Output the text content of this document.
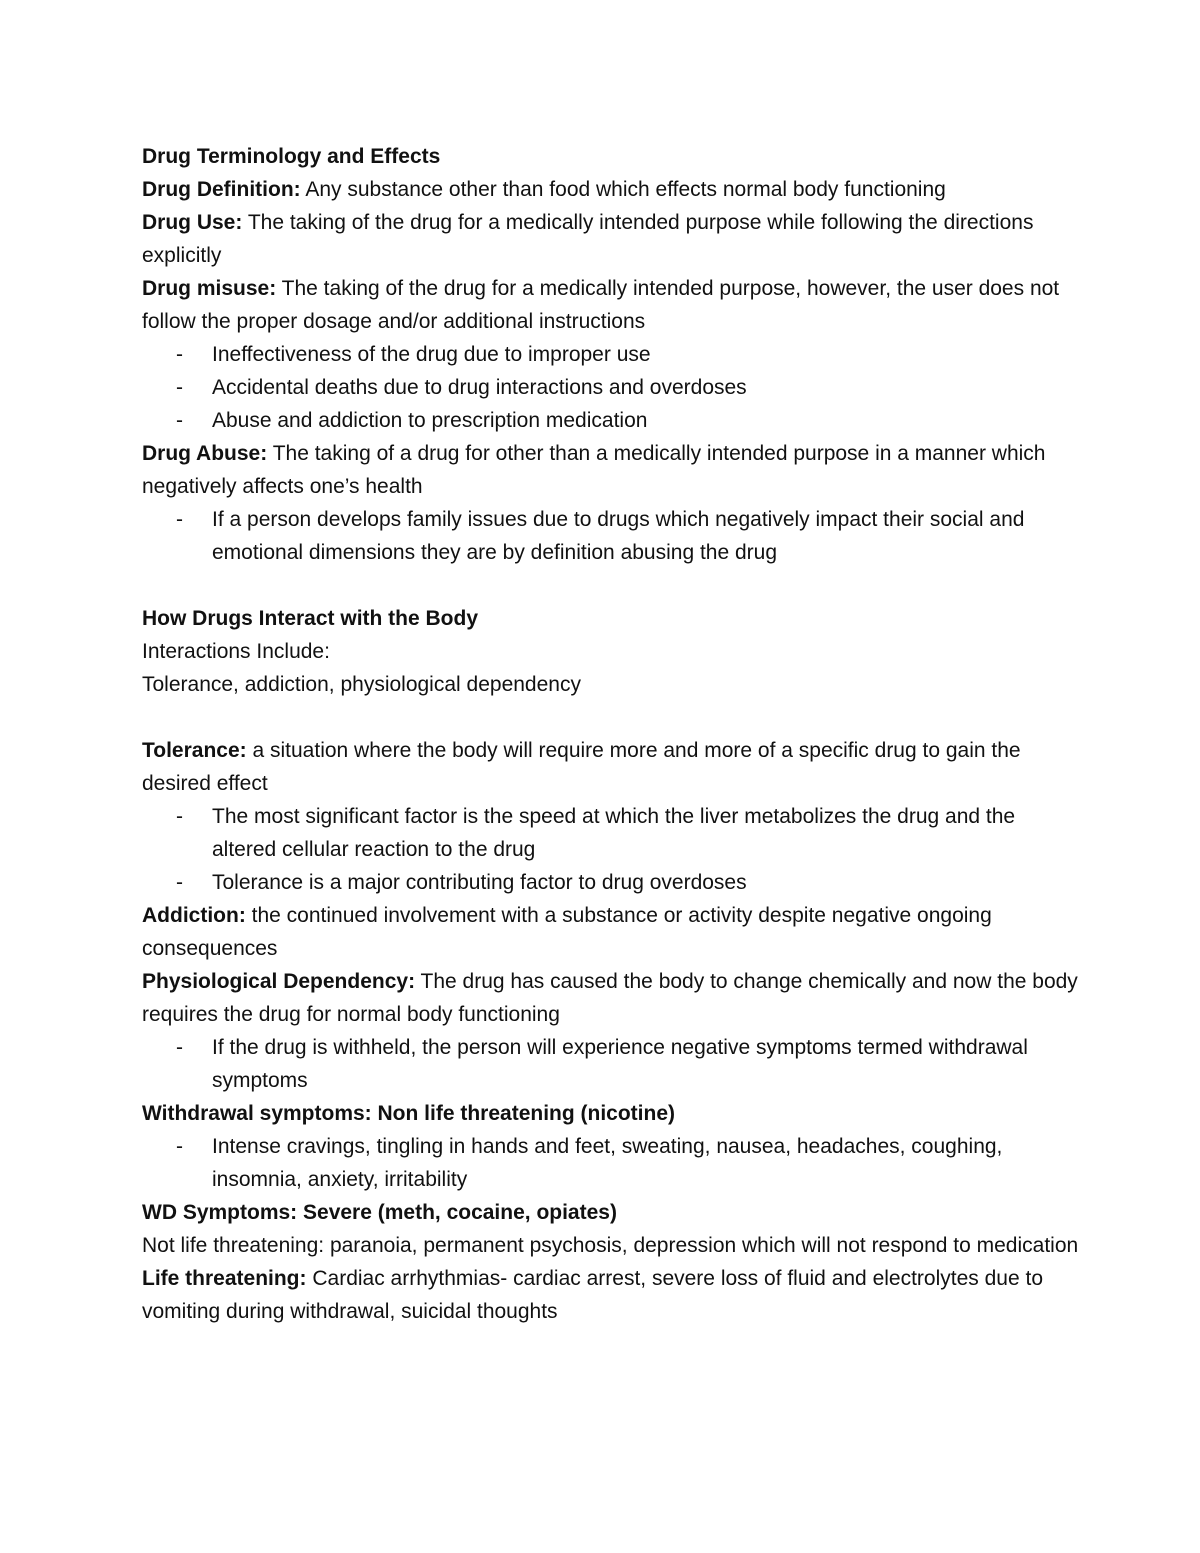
Drug Terminology and Effects

Drug Definition: Any substance other than food which effects normal body functioning

Drug Use: The taking of the drug for a medically intended purpose while following the directions explicitly

Drug misuse: The taking of the drug for a medically intended purpose, however, the user does not follow the proper dosage and/or additional instructions

- Ineffectiveness of the drug due to improper use
- Accidental deaths due to drug interactions and overdoses
- Abuse and addiction to prescription medication

Drug Abuse: The taking of a drug for other than a medically intended purpose in a manner which negatively affects one’s health

- If a person develops family issues due to drugs which negatively impact their social and emotional dimensions they are by definition abusing the drug

How Drugs Interact with the Body

Interactions Include:

Tolerance, addiction, physiological dependency

Tolerance: a situation where the body will require more and more of a specific drug to gain the desired effect

- The most significant factor is the speed at which the liver metabolizes the drug and the altered cellular reaction to the drug
- Tolerance is a major contributing factor to drug overdoses

Addiction: the continued involvement with a substance or activity despite negative ongoing consequences

Physiological Dependency: The drug has caused the body to change chemically and now the body requires the drug for normal body functioning

- If the drug is withheld, the person will experience negative symptoms termed withdrawal symptoms

Withdrawal symptoms: Non life threatening (nicotine)

- Intense cravings, tingling in hands and feet, sweating, nausea, headaches, coughing, insomnia, anxiety, irritability

WD Symptoms: Severe (meth, cocaine, opiates)

Not life threatening: paranoia, permanent psychosis, depression which will not respond to medication

Life threatening: Cardiac arrhythmias- cardiac arrest, severe loss of fluid and electrolytes due to vomiting during withdrawal, suicidal thoughts
